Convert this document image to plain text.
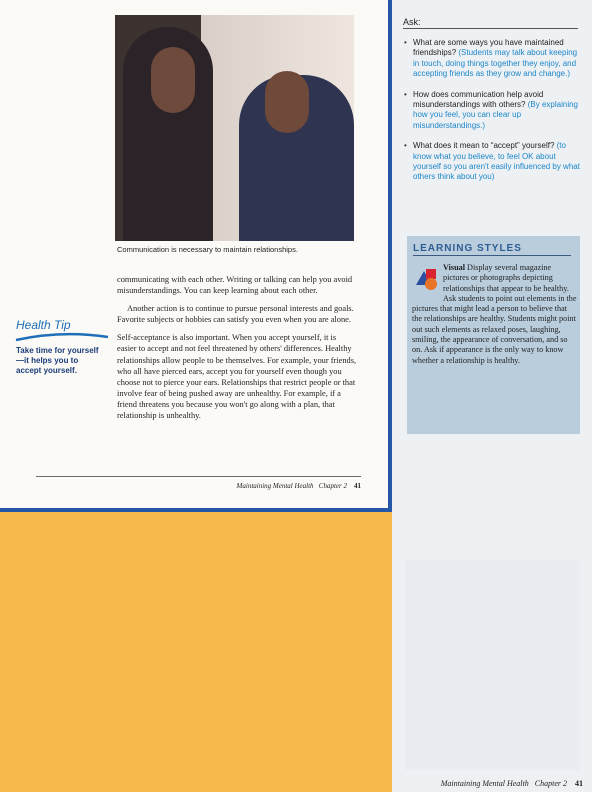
Communication is necessary to maintain relationships.
Health Tip
Take time for yourself—it helps you to accept yourself.

communicating with each other. Writing or talking can help you avoid misunderstandings. You can keep learning about each other.

Another action is to continue to pursue personal interests and goals. Favorite subjects or hobbies can satisfy you even when you are alone.

Self-acceptance is also important. When you accept yourself, it is easier to accept and not feel threatened by others' differences. Healthy relationships allow people to be themselves. For example, your friends, who all have pierced ears, accept you for yourself even though you choose not to pierce your ears. Relationships that restrict people or that involve fear of being pushed away are unhealthy. For example, if a friend threatens you because you won't go along with a plan, that relationship is unhealthy.

Maintaining Mental Health Chapter 2 41
Ask:
• What are some ways you have maintained friendships? (Students may talk about keeping in touch, doing things together they enjoy, and accepting friends as they grow and change.)
• How does communication help avoid misunderstandings with others? (By explaining how you feel, you can clear up misunderstandings.)
• What does it mean to “accept” yourself? (to know what you believe, to feel OK about yourself so you aren't easily influenced by what others think about you)
LEARNING STYLES
Visual Display several magazine pictures or photographs depicting relationships that appear to be healthy. Ask students to point out elements in the pictures that might lead a person to believe that the relationships are healthy. Students might point out such elements as relaxed poses, laughing, smiling, the appearance of conversation, and so on. Ask if appearance is the only way to know whether a relationship is healthy.
Maintaining Mental Health Chapter 2 41
